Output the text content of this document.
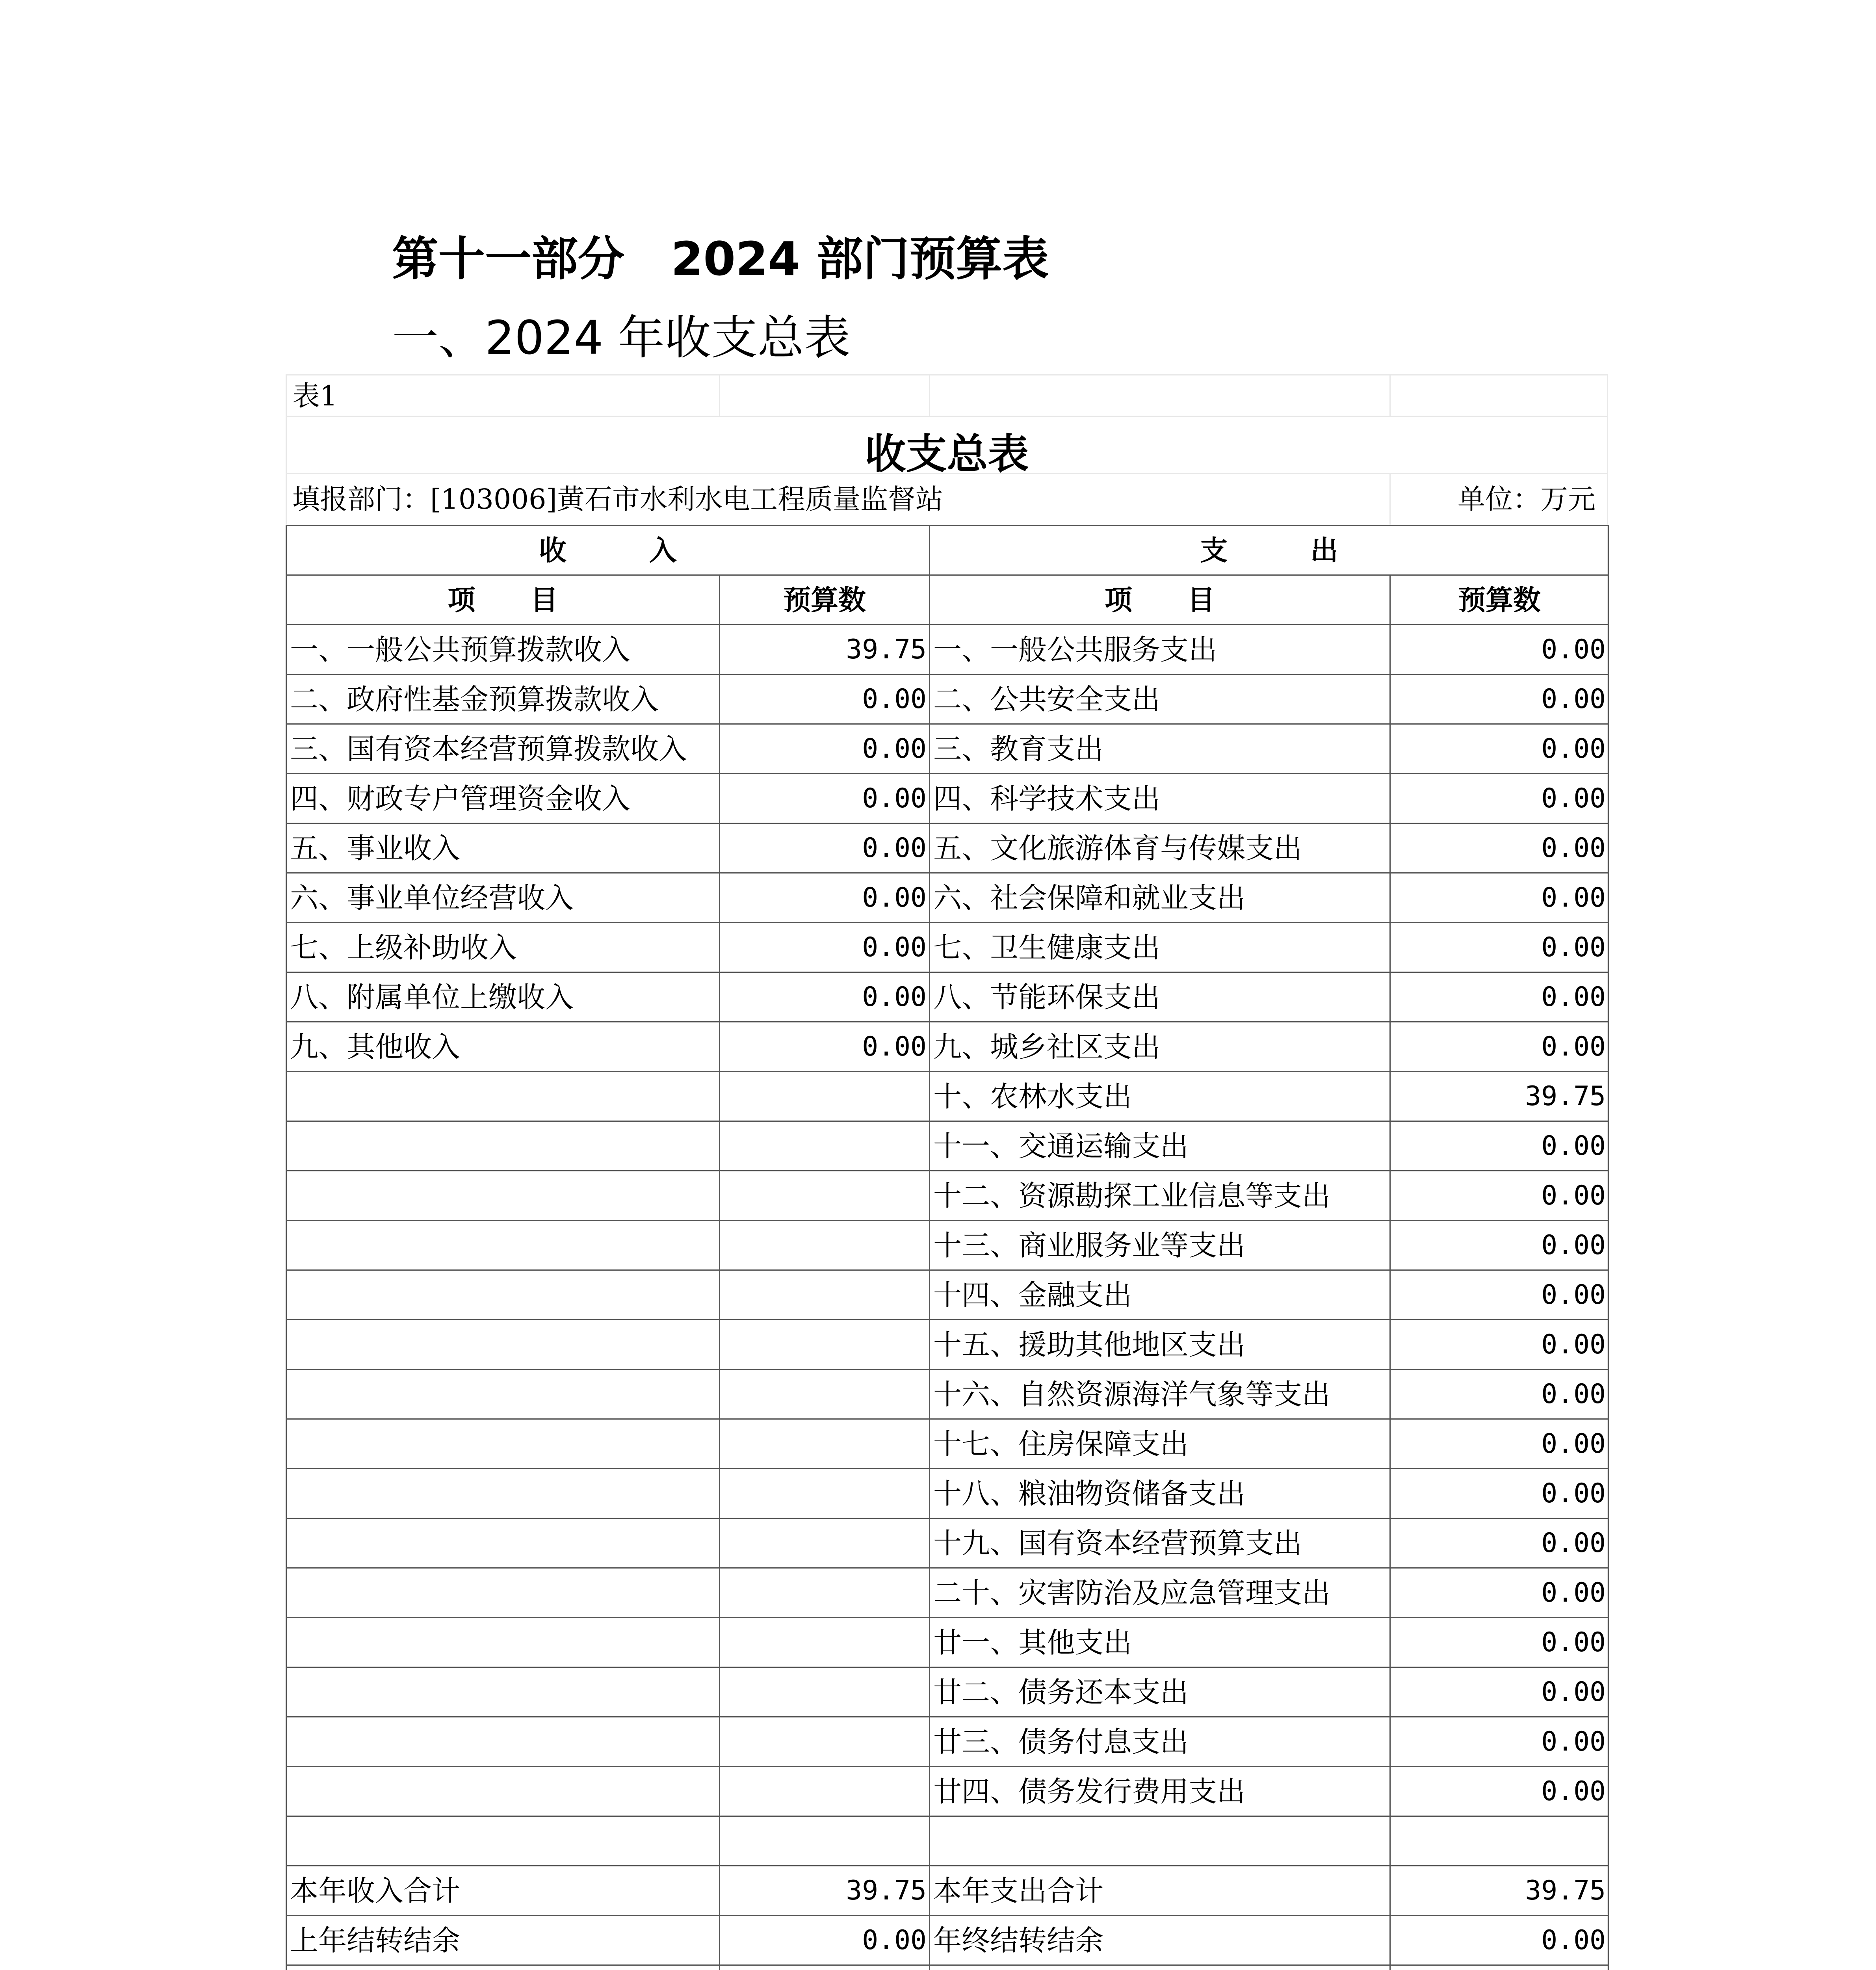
第十一部分　2024 部门预算表
一、2024 年收支总表
表1
收支总表
填报部门：[103006]黄石市水利水电工程质量监督站	单位：万元
收　　　入		支　　　出	
项　　目	预算数	项　　目	预算数
一、一般公共预算拨款收入	39.75	一、一般公共服务支出	0.00
二、政府性基金预算拨款收入	0.00	二、公共安全支出	0.00
三、国有资本经营预算拨款收入	0.00	三、教育支出	0.00
四、财政专户管理资金收入	0.00	四、科学技术支出	0.00
五、事业收入	0.00	五、文化旅游体育与传媒支出	0.00
六、事业单位经营收入	0.00	六、社会保障和就业支出	0.00
七、上级补助收入	0.00	七、卫生健康支出	0.00
八、附属单位上缴收入	0.00	八、节能环保支出	0.00
九、其他收入	0.00	九、城乡社区支出	0.00
		十、农林水支出	39.75
		十一、交通运输支出	0.00
		十二、资源勘探工业信息等支出	0.00
		十三、商业服务业等支出	0.00
		十四、金融支出	0.00
		十五、援助其他地区支出	0.00
		十六、自然资源海洋气象等支出	0.00
		十七、住房保障支出	0.00
		十八、粮油物资储备支出	0.00
		十九、国有资本经营预算支出	0.00
		二十、灾害防治及应急管理支出	0.00
		廿一、其他支出	0.00
		廿二、债务还本支出	0.00
		廿三、债务付息支出	0.00
		廿四、债务发行费用支出	0.00

本年收入合计	39.75	本年支出合计	39.75
上年结转结余	0.00	年终结转结余	0.00
